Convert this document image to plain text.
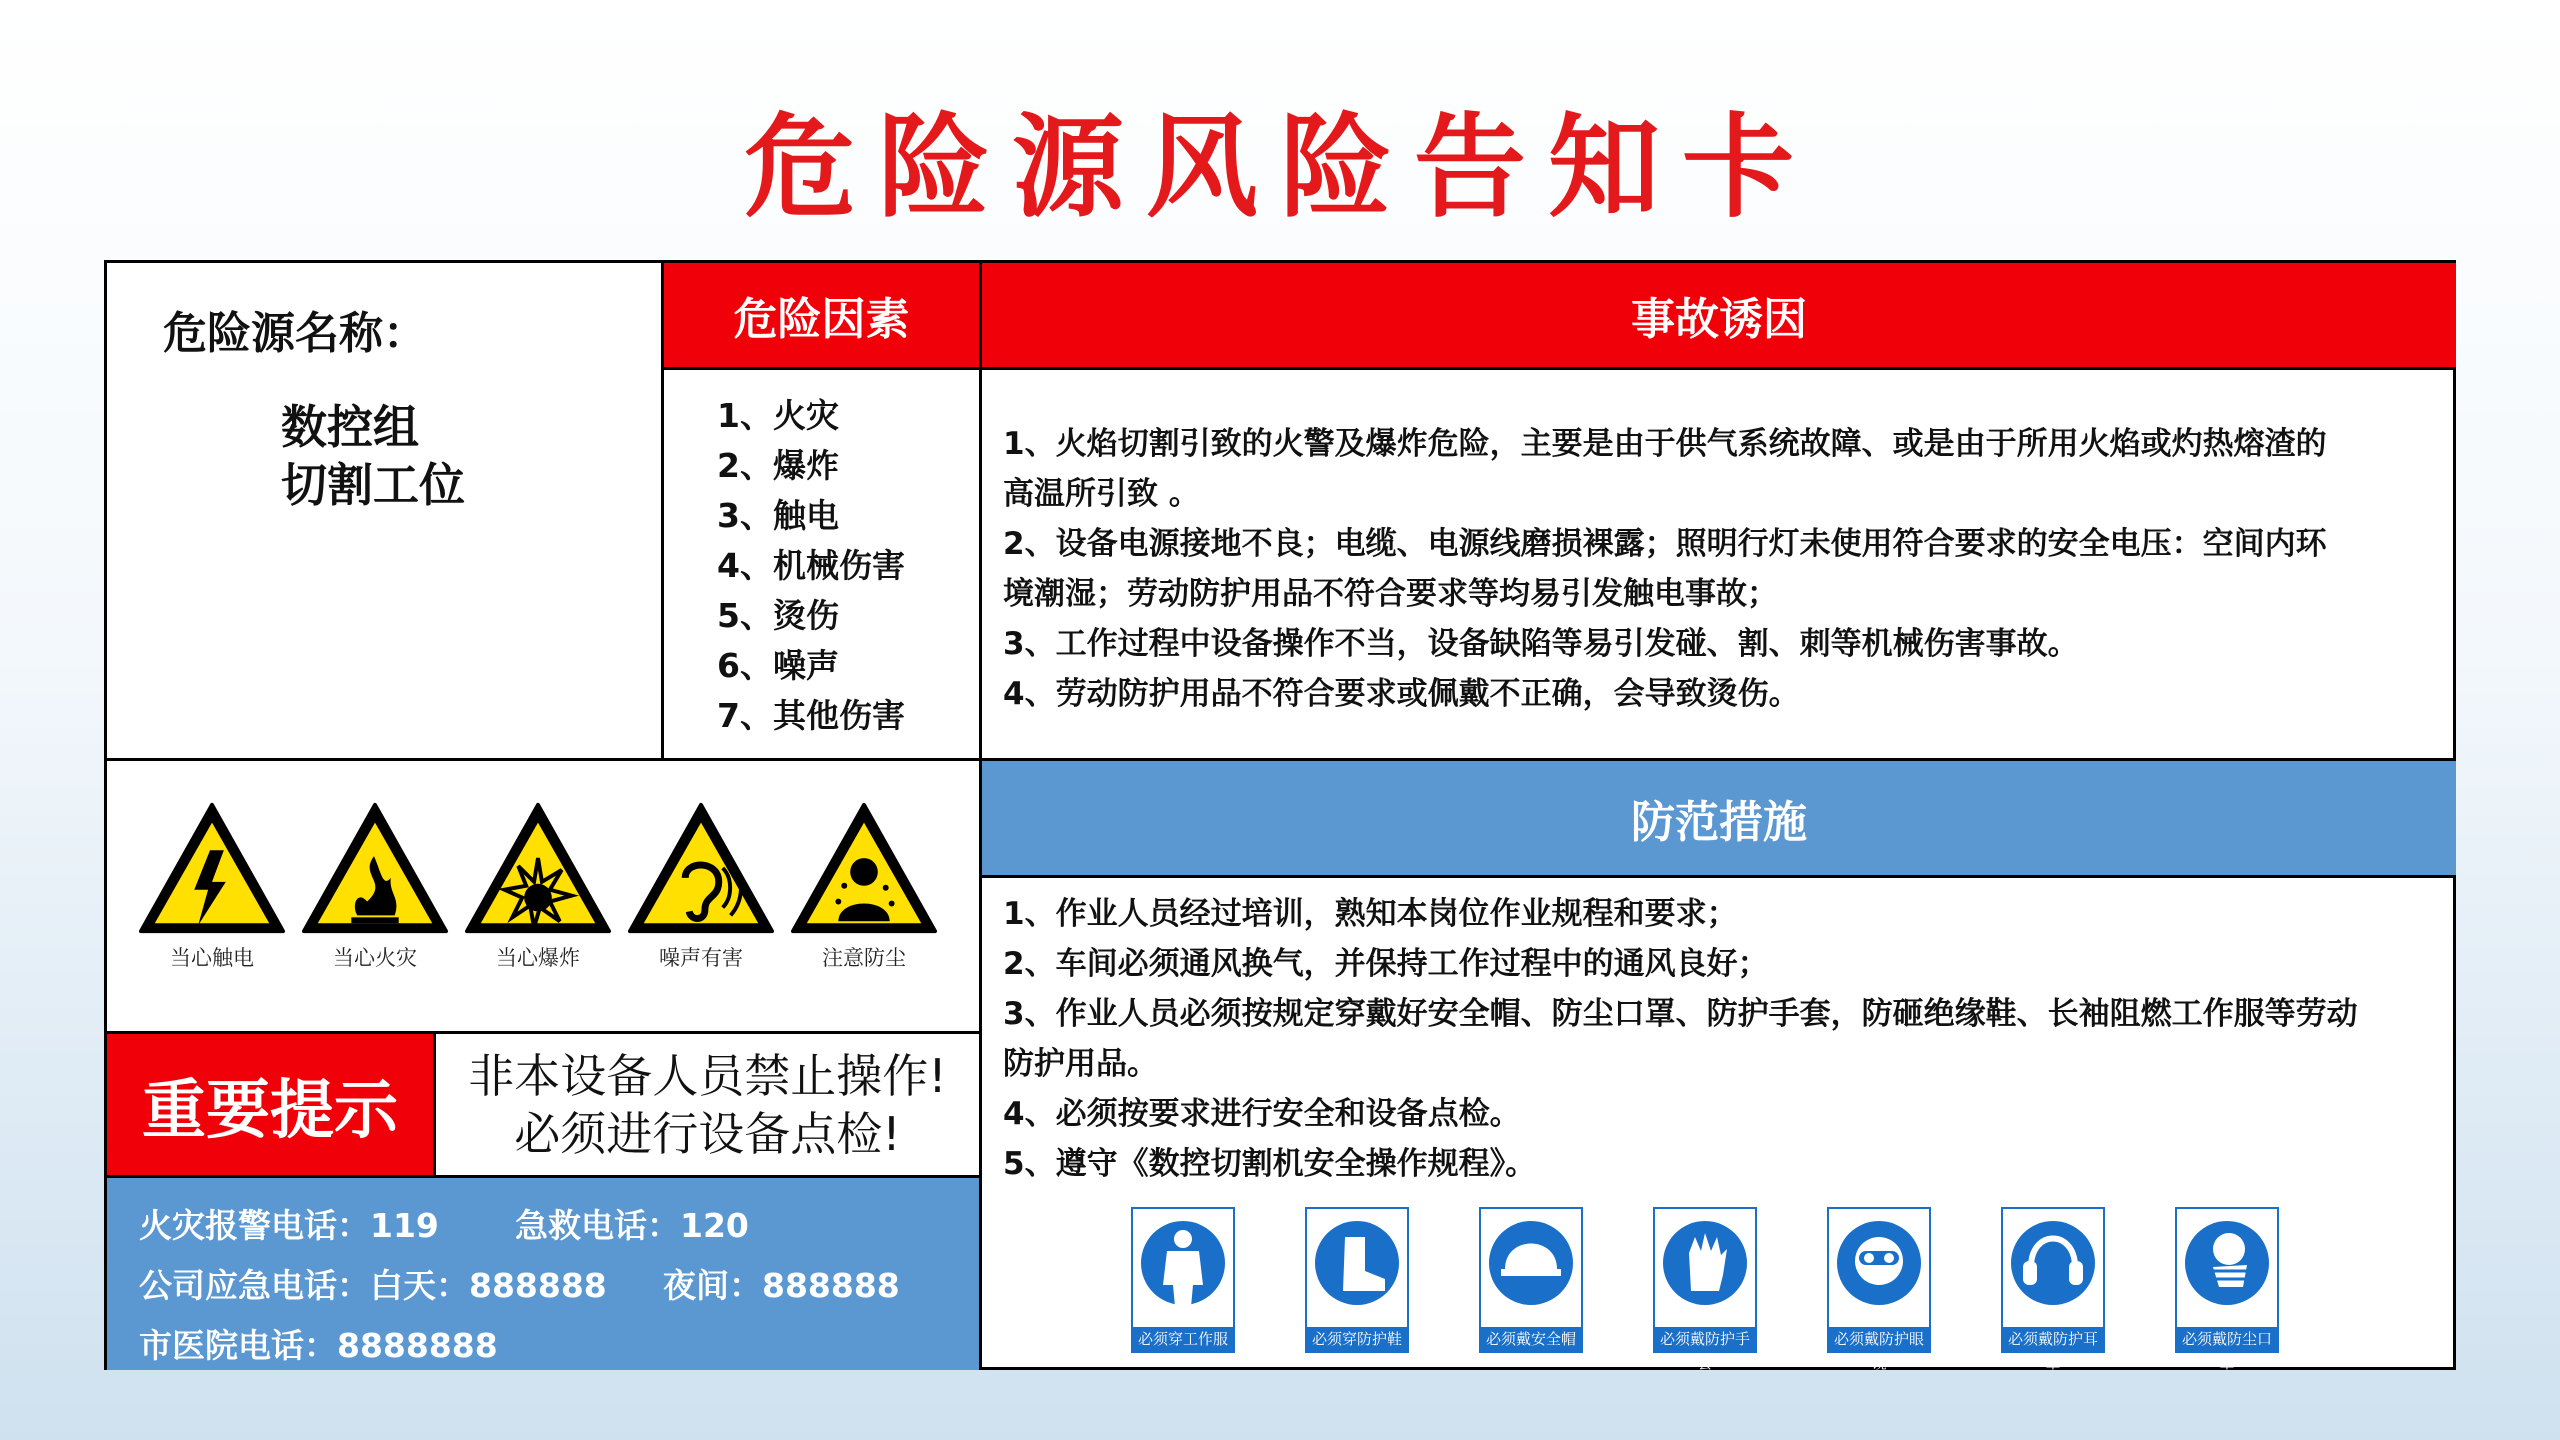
危险源风险告知卡
危险源名称：
数控组
切割工位
危险因素
1、火灾
2、爆炸
3、触电
4、机械伤害
5、烫伤
6、噪声
7、其他伤害
事故诱因
1、火焰切割引致的火警及爆炸危险，主要是由于供气系统故障、或是由于所用火焰或灼热熔渣的
高温所引致 。
2、设备电源接地不良；电缆、电源线磨损裸露；照明行灯未使用符合要求的安全电压：空间内环
境潮湿；劳动防护用品不符合要求等均易引发触电事故；
3、工作过程中设备操作不当，设备缺陷等易引发碰、割、刺等机械伤害事故。
4、劳动防护用品不符合要求或佩戴不正确，会导致烫伤。
当心触电	当心火灾	当心爆炸	噪声有害	注意防尘
重要提示	非本设备人员禁止操作!
必须进行设备点检!
火灾报警电话：119 急救电话：120
公司应急电话：白天：888888 夜间：888888
市医院电话：8888888
防范措施
1、作业人员经过培训，熟知本岗位作业规程和要求；
2、车间必须通风换气，并保持工作过程中的通风良好；
3、作业人员必须按规定穿戴好安全帽、防尘口罩、防护手套，防砸绝缘鞋、长袖阻燃工作服等劳动
防护用品。
4、必须按要求进行安全和设备点检。
5、遵守《数控切割机安全操作规程》。
必须穿工作服	必须穿防护鞋	必须戴安全帽	必须戴防护手套
必须戴防护眼镜
必须戴防护耳罩
必须戴防尘口罩
